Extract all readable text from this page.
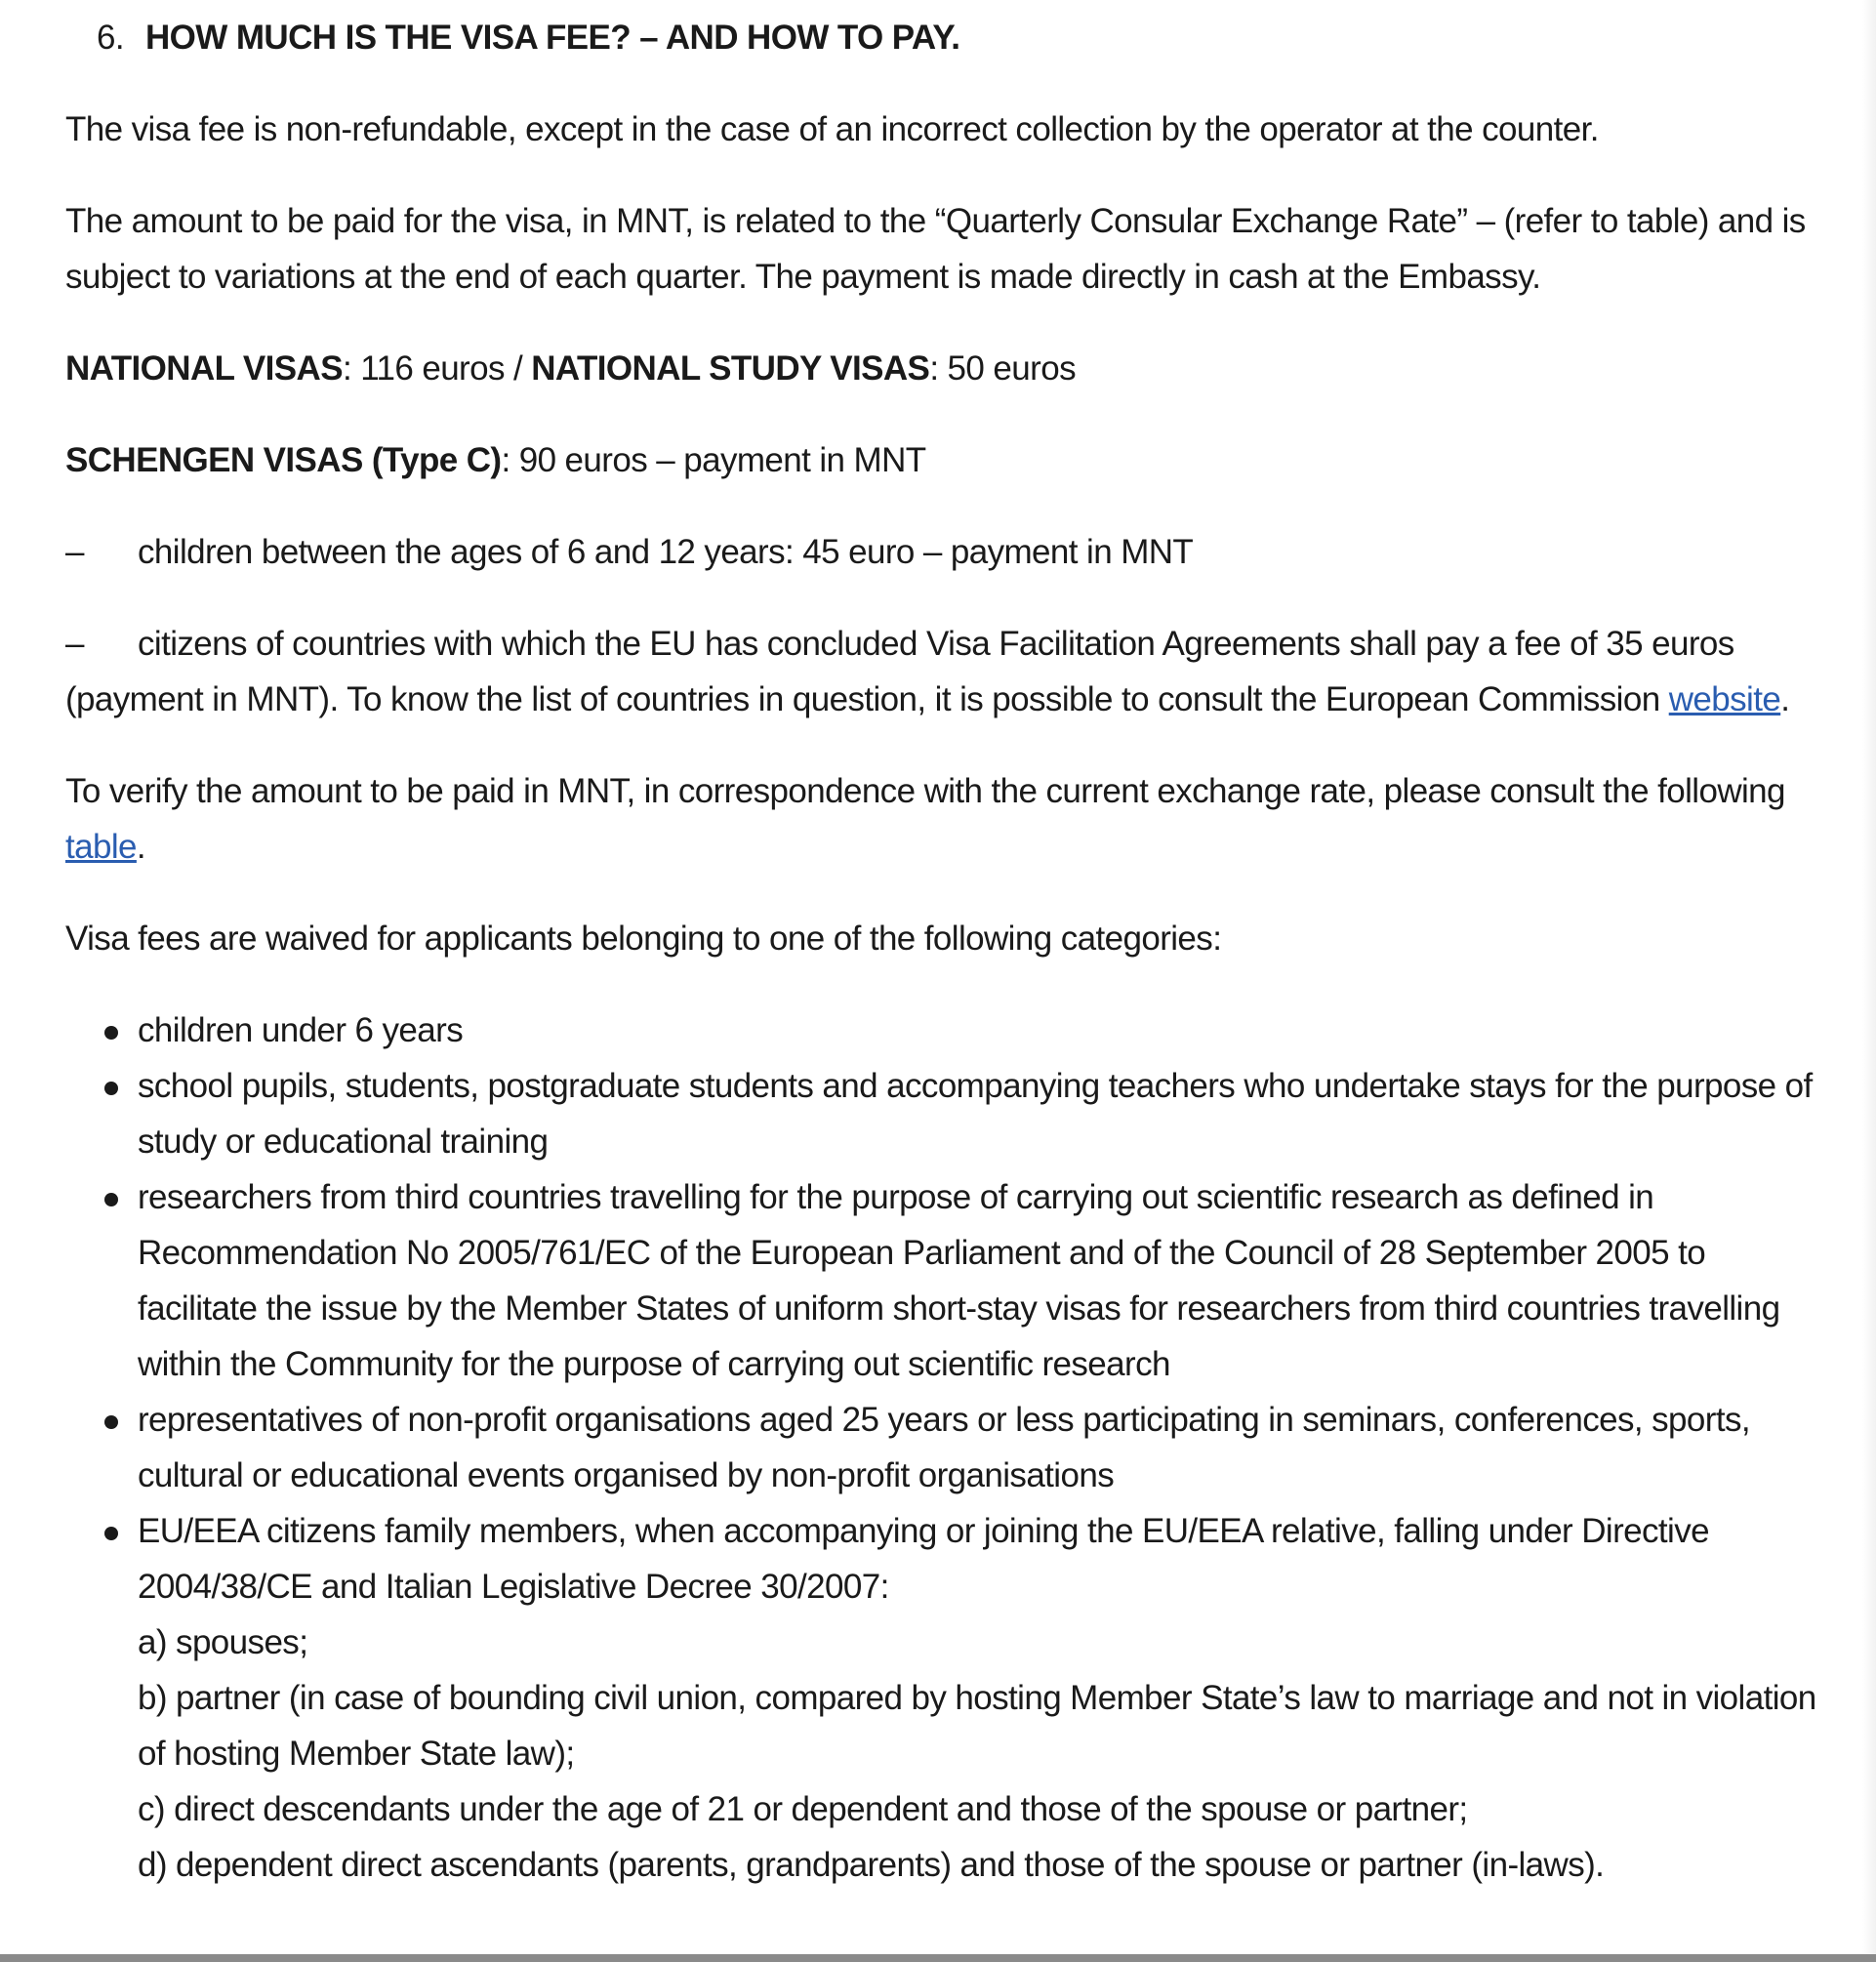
6. HOW MUCH IS THE VISA FEE? – AND HOW TO PAY.

The visa fee is non-refundable, except in the case of an incorrect collection by the operator at the counter.

The amount to be paid for the visa, in MNT, is related to the “Quarterly Consular Exchange Rate” – (refer to table) and is subject to variations at the end of each quarter. The payment is made directly in cash at the Embassy.

NATIONAL VISAS: 116 euros / NATIONAL STUDY VISAS: 50 euros

SCHENGEN VISAS (Type C): 90 euros – payment in MNT

– children between the ages of 6 and 12 years: 45 euro – payment in MNT

– citizens of countries with which the EU has concluded Visa Facilitation Agreements shall pay a fee of 35 euros (payment in MNT). To know the list of countries in question, it is possible to consult the European Commission website.

To verify the amount to be paid in MNT, in correspondence with the current exchange rate, please consult the following table.

Visa fees are waived for applicants belonging to one of the following categories:

children under 6 years
school pupils, students, postgraduate students and accompanying teachers who undertake stays for the purpose of study or educational training
researchers from third countries travelling for the purpose of carrying out scientific research as defined in Recommendation No 2005/761/EC of the European Parliament and of the Council of 28 September 2005 to facilitate the issue by the Member States of uniform short-stay visas for researchers from third countries travelling within the Community for the purpose of carrying out scientific research
representatives of non-profit organisations aged 25 years or less participating in seminars, conferences, sports, cultural or educational events organised by non-profit organisations
EU/EEA citizens family members, when accompanying or joining the EU/EEA relative, falling under Directive 2004/38/CE and Italian Legislative Decree 30/2007:
a) spouses;
b) partner (in case of bounding civil union, compared by hosting Member State’s law to marriage and not in violation of hosting Member State law);
c) direct descendants under the age of 21 or dependent and those of the spouse or partner;
d) dependent direct ascendants (parents, grandparents) and those of the spouse or partner (in-laws).
